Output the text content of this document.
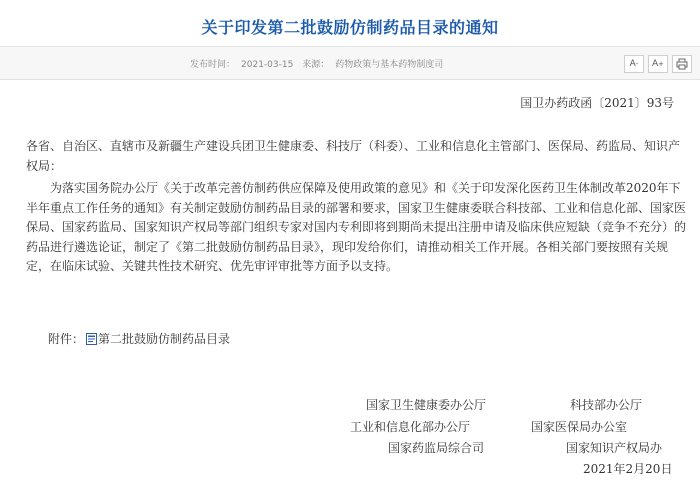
关于印发第二批鼓励仿制药品目录的通知
发布时间： 2021-03-15 来源： 药物政策与基本药物制度司	A - A +
国卫办药政函〔2021〕93号
各省、自治区、直辖市及新疆生产建设兵团卫生健康委、科技厅（科委）、工业和信息化主管部门、医保局、药监局、知识产权局：
为落实国务院办公厅《关于改革完善仿制药供应保障及使用政策的意见》和《关于印发深化医药卫生体制改革2020年下半年重点工作任务的通知》有关制定鼓励仿制药品目录的部署和要求，国家卫生健康委联合科技部、工业和信息化部、国家医保局、国家药监局、国家知识产权局等部门组织专家对国内专利即将到期尚未提出注册申请及临床供应短缺（竞争不充分）的药品进行遴选论证，制定了《第二批鼓励仿制药品目录》，现印发给你们，请推动相关工作开展。各相关部门要按照有关规定，在临床试验、关键共性技术研究、优先审评审批等方面予以支持。
附件： 第二批鼓励仿制药品目录
国家卫生健康委办公厅	科技部办公厅
工业和信息化部办公厅	国家医保局办公室
国家药监局综合司	国家知识产权局办
2021年2月20日
